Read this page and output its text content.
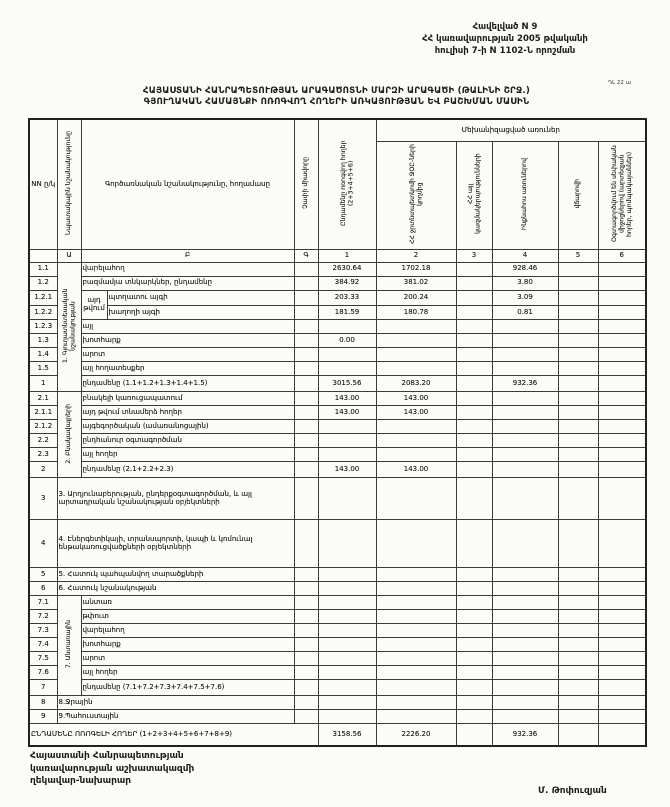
Հավելված N 9
ՀՀ կառավարության 2005 թվականի
հուլիսի 7-ի N 1102-Ն որոշման
ԴԼ 22 ա
ՀԱՅԱՍՏԱՆԻ ՀԱՆՐԱՊԵՏՈՒԹՅԱՆ ԱՐԱԳԱԾՈՏՆԻ ՄԱՐԶԻ ԱՐԱԳԱԾԻ (ԹԱԼԻՆԻ ՇՐՋ.)
ԳՅՈՒՂԱԿԱՆ ՀԱՄԱՅՆՔԻ ՈՌՈԳՎՈՂ ՀՈՂԵՐԻ ԱՌԿԱՅՈՒԹՅԱՆ ԵՎ ԲԱՇԽՄԱՆ ՄԱՍԻՆ
NN ը/կ	Նպատակային նշանակությունը	Գործառնական նշանակությունը, հողամասը		Չափի միավորը	Ընդամենը ոռոգվող հողեր (2+3+4+5+6)	Մեխանիզացված առուներ				
						ՀՀ ջրտնտպետկոմի ՋՕԸ-ների կողմից	ՀՀ այլ կազմակերպությունների	Ինքնահոս առուներով	վճարովի	Օգտագործվում են սեփական միջոցներով (արտեզյան հորեր, պոմպակայաններ)
	Ա	Բ		Գ	1	2	3	4	5	6
1.1	1. Գյուղատնտեսական նշանակության	վարելահող			2630.64	1702.18		928.46		
1.2		բազմամյա տնկարկներ, ընդամենը			384.92	381.02		3.80		
1.2.1		այդ թվում	պտղատու այգի		203.33	200.24		3.09		
1.2.2			խաղողի այգի		181.59	180.78		0.81		
1.2.3		այլ								
1.3		խոտհարք			0.00					
1.4		արոտ								
1.5		այլ հողատեսքեր								
1		ընդամենը (1.1+1.2+1.3+1.4+1.5)			3015.56	2083.20		932.36		
2.1	2. Բնակավայրերի	բնակելի կառուցապատում			143.00	143.00				
2.1.1		այդ թվում տնամերձ հողեր			143.00	143.00				
2.1.2		այգեգործական (ամառանոցային)								
2.2		ընդհանուր օգտագործման								
2.3		այլ հողեր								
2		ընդամենը (2.1+2.2+2.3)			143.00	143.00				
3	3. Արդյունաբերության, ընդերքօգտագործման, և այլ արտադրական նշանակության օբյեկտների									
4	4. Էներգետիկայի, տրանսպորտի, կապի և կոմունալ ենթակառուցվածքների օբյեկտների									
5	5. Հատուկ պահպանվող տարածքների									
6	6. Հատուկ նշանակության									
7.1	7. Անտառային	անտառ								
7.2		թփուտ								
7.3		վարելահող								
7.4		խոտհարք								
7.5		արոտ								
7.6		այլ հողեր								
7		ընդամենը (7.1+7.2+7.3+7.4+7.5+7.6)								
8	8.Ջրային									
9	9.Պահուստային									
ԸՆԴԱՄԵՆԸ ՈՌՈԳԵԼԻ ՀՈՂԵՐ (1+2+3+4+5+6+7+8+9)					3158.56	2226.20		932.36		
Հայաստանի Հանրապետության
կառավարության աշխատակազմի
ղեկավար-նախարար
Մ. Թոփուզյան
